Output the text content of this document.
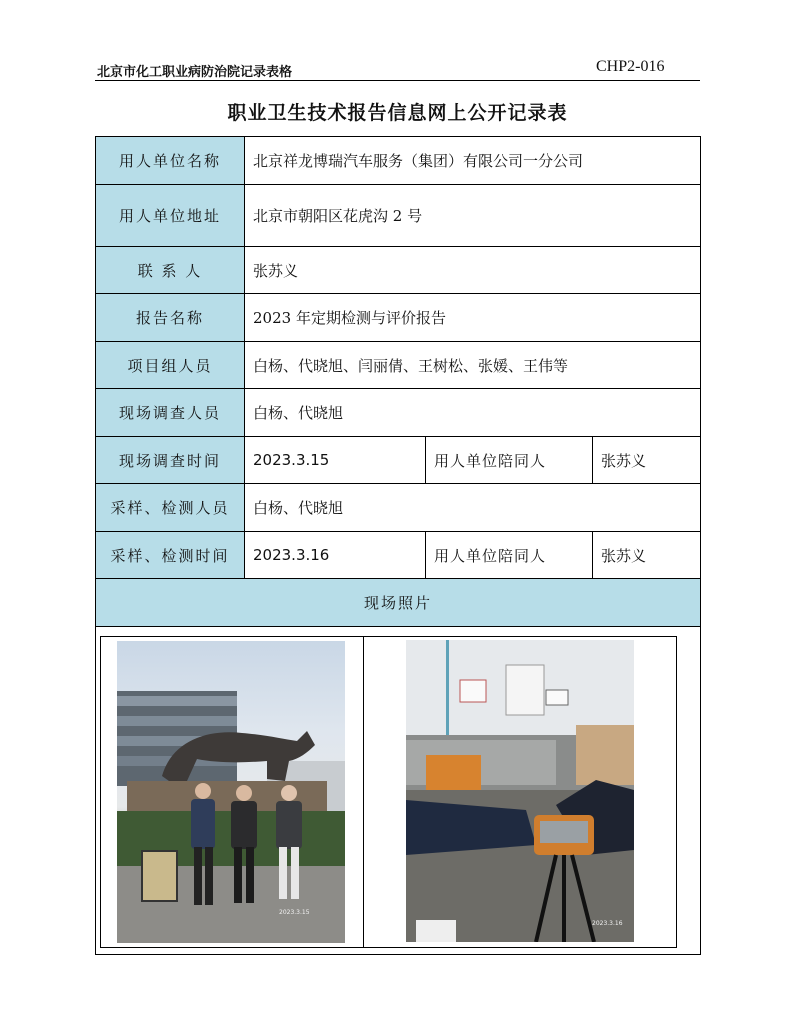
北京市化工职业病防治院记录表格	CHP2-016
职业卫生技术报告信息网上公开记录表
用人单位名称	北京祥龙博瑞汽车服务（集团）有限公司一分公司		
用人单位地址	北京市朝阳区花虎沟 2 号		
联 系 人	张苏义		
报告名称	2023 年定期检测与评价报告		
项目组人员	白杨、代晓旭、闫丽倩、王树松、张媛、王伟等		
现场调查人员	白杨、代晓旭		
现场调查时间	2023.3.15	用人单位陪同人	张苏义
采样、检测人员	白杨、代晓旭		
采样、检测时间	2023.3.16	用人单位陪同人	张苏义
现场照片			

2023.3.15
2023.3.16			
